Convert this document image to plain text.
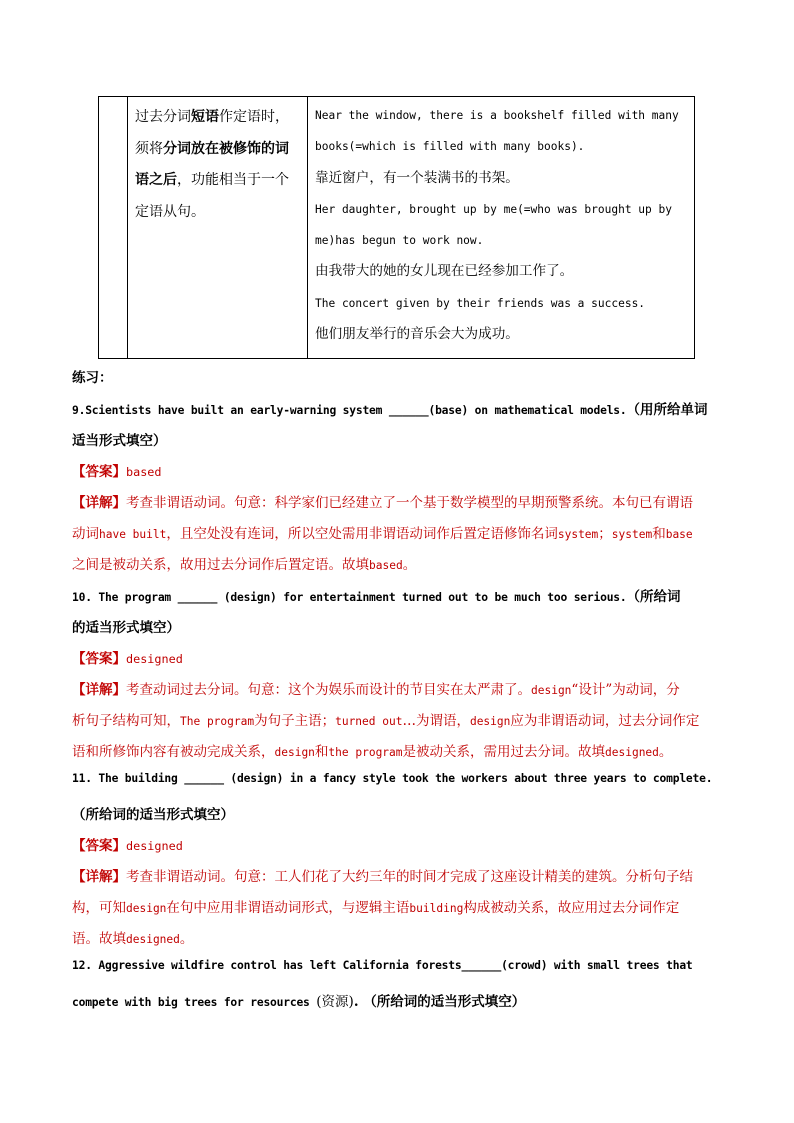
过去分词短语作定语时，须将分词放在被修饰的词语之后，功能相当于一个定语从句。

Near the window, there is a bookshelf filled with many
books(=which is filled with many books).
靠近窗户，有一个装满书的书架。
Her daughter, brought up by me(=who was brought up by
me)has begun to work now.
由我带大的她的女儿现在已经参加工作了。
The concert given by their friends was a success.
他们朋友举行的音乐会大为成功。
练习：
9.Scientists have built an early-warning system ______(base) on mathematical models.（用所给单词
适当形式填空）
【答案】based
【详解】考查非谓语动词。句意：科学家们已经建立了一个基于数学模型的早期预警系统。本句已有谓语
动词have built，且空处没有连词，所以空处需用非谓语动词作后置定语修饰名词system；system和base
之间是被动关系，故用过去分词作后置定语。故填based。
10. The program ______ (design) for entertainment turned out to be much too serious.（所给词
的适当形式填空）
【答案】designed
【详解】考查动词过去分词。句意：这个为娱乐而设计的节目实在太严肃了。design“设计”为动词，分
析句子结构可知，The program为句子主语；turned out…为谓语，design应为非谓语动词，过去分词作定
语和所修饰内容有被动完成关系，design和the program是被动关系，需用过去分词。故填designed。
11. The building ______ (design) in a fancy style took the workers about three years to complete.
（所给词的适当形式填空）
【答案】designed
【详解】考查非谓语动词。句意：工人们花了大约三年的时间才完成了这座设计精美的建筑。分析句子结
构，可知design在句中应用非谓语动词形式，与逻辑主语building构成被动关系，故应用过去分词作定
语。故填designed。
12. Aggressive wildfire control has left California forests______(crowd) with small trees that
compete with big trees for resources (资源). （所给词的适当形式填空）
